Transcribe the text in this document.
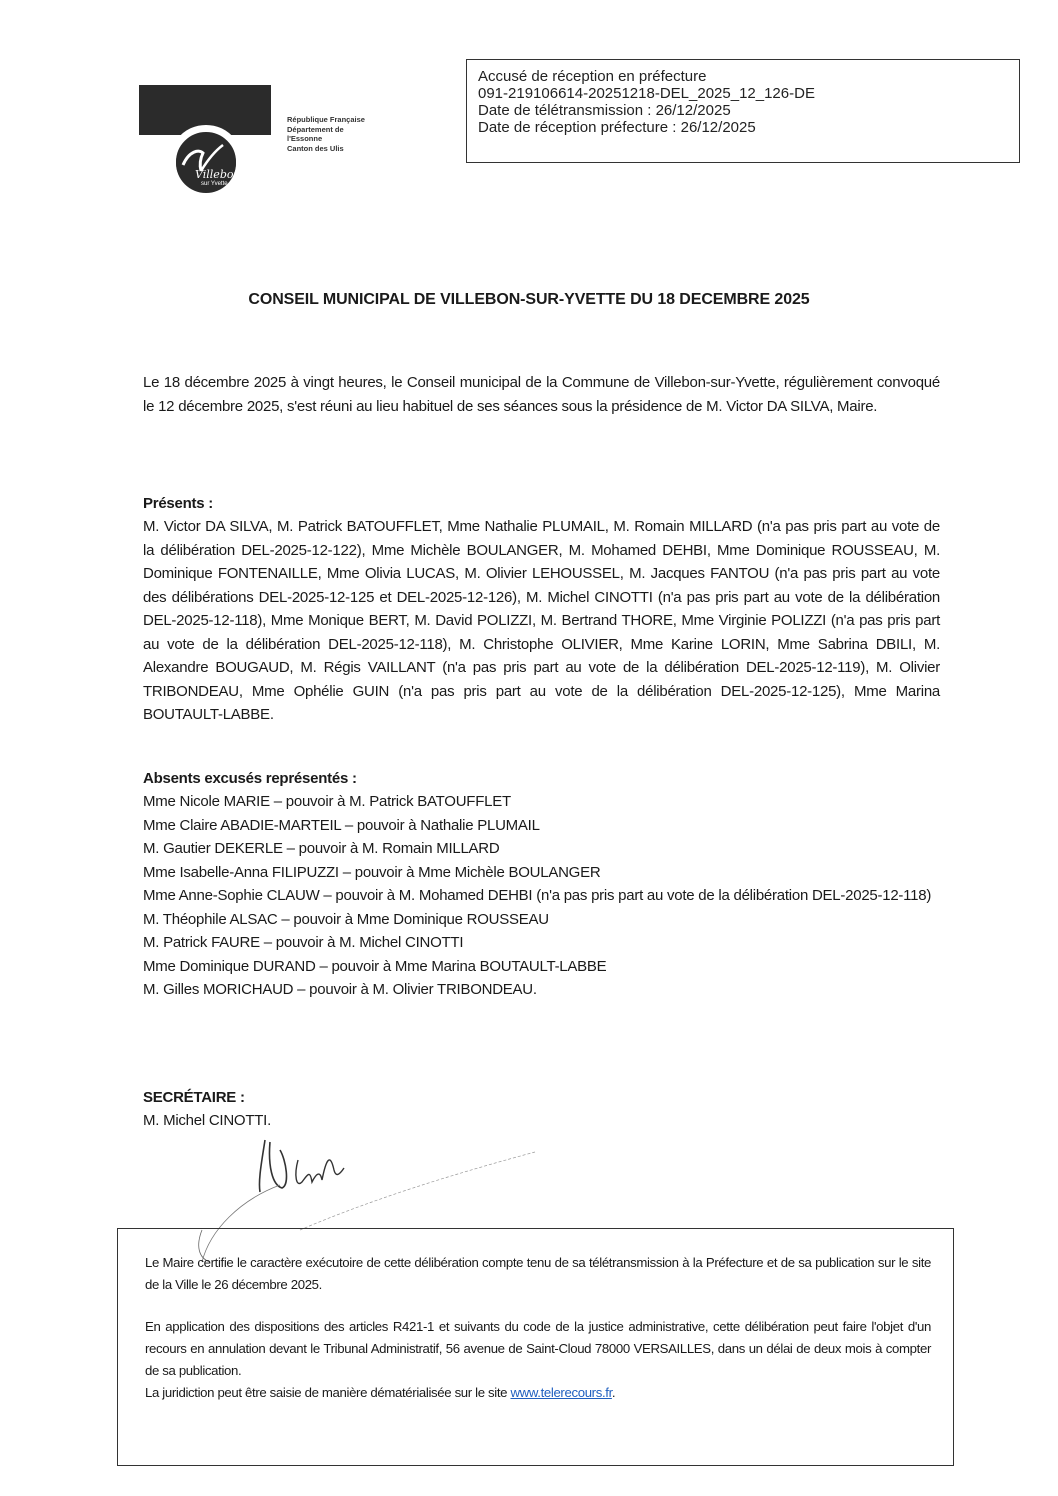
Villebon
sur Yvette
République Française
Département de l'Essonne
Canton des Ulis
Accusé de réception en préfecture
091-219106614-20251218-DEL_2025_12_126-DE
Date de télétransmission : 26/12/2025
Date de réception préfecture : 26/12/2025
CONSEIL MUNICIPAL DE VILLEBON-SUR-YVETTE DU 18 DECEMBRE 2025
Le 18 décembre 2025 à vingt heures, le Conseil municipal de la Commune de Villebon-sur-Yvette, régulièrement convoqué le 12 décembre 2025, s'est réuni au lieu habituel de ses séances sous la présidence de M. Victor DA SILVA, Maire.
Présents :
M. Victor DA SILVA, M. Patrick BATOUFFLET, Mme Nathalie PLUMAIL, M. Romain MILLARD (n'a pas pris part au vote de la délibération DEL-2025-12-122), Mme Michèle BOULANGER, M. Mohamed DEHBI, Mme Dominique ROUSSEAU, M. Dominique FONTENAILLE, Mme Olivia LUCAS, M. Olivier LEHOUSSEL, M. Jacques FANTOU (n'a pas pris part au vote des délibérations DEL-2025-12-125 et DEL-2025-12-126), M. Michel CINOTTI (n'a pas pris part au vote de la délibération DEL-2025-12-118), Mme Monique BERT, M. David POLIZZI, M. Bertrand THORE, Mme Virginie POLIZZI (n'a pas pris part au vote de la délibération DEL-2025-12-118), M. Christophe OLIVIER, Mme Karine LORIN, Mme Sabrina DBILI, M. Alexandre BOUGAUD, M. Régis VAILLANT (n'a pas pris part au vote de la délibération DEL-2025-12-119), M. Olivier TRIBONDEAU, Mme Ophélie GUIN (n'a pas pris part au vote de la délibération DEL-2025-12-125), Mme Marina BOUTAULT-LABBE.
Absents excusés représentés :
Mme Nicole MARIE – pouvoir à M. Patrick BATOUFFLET
Mme Claire ABADIE-MARTEIL – pouvoir à Nathalie PLUMAIL
M. Gautier DEKERLE – pouvoir à M. Romain MILLARD
Mme Isabelle-Anna FILIPUZZI – pouvoir à Mme Michèle BOULANGER
Mme Anne-Sophie CLAUW – pouvoir à M. Mohamed DEHBI (n'a pas pris part au vote de la délibération DEL-2025-12-118)
M. Théophile ALSAC – pouvoir à Mme Dominique ROUSSEAU
M. Patrick FAURE – pouvoir à M. Michel CINOTTI
Mme Dominique DURAND – pouvoir à Mme Marina BOUTAULT-LABBE
M. Gilles MORICHAUD – pouvoir à M. Olivier TRIBONDEAU.
SECRÉTAIRE :
M. Michel CINOTTI.
Le Maire certifie le caractère exécutoire de cette délibération compte tenu de sa télétransmission à la Préfecture et de sa publication sur le site de la Ville le 26 décembre 2025.
En application des dispositions des articles R421-1 et suivants du code de la justice administrative, cette délibération peut faire l'objet d'un recours en annulation devant le Tribunal Administratif, 56 avenue de Saint-Cloud 78000 VERSAILLES, dans un délai de deux mois à compter de sa publication.
La juridiction peut être saisie de manière dématérialisée sur le site www.telerecours.fr.
